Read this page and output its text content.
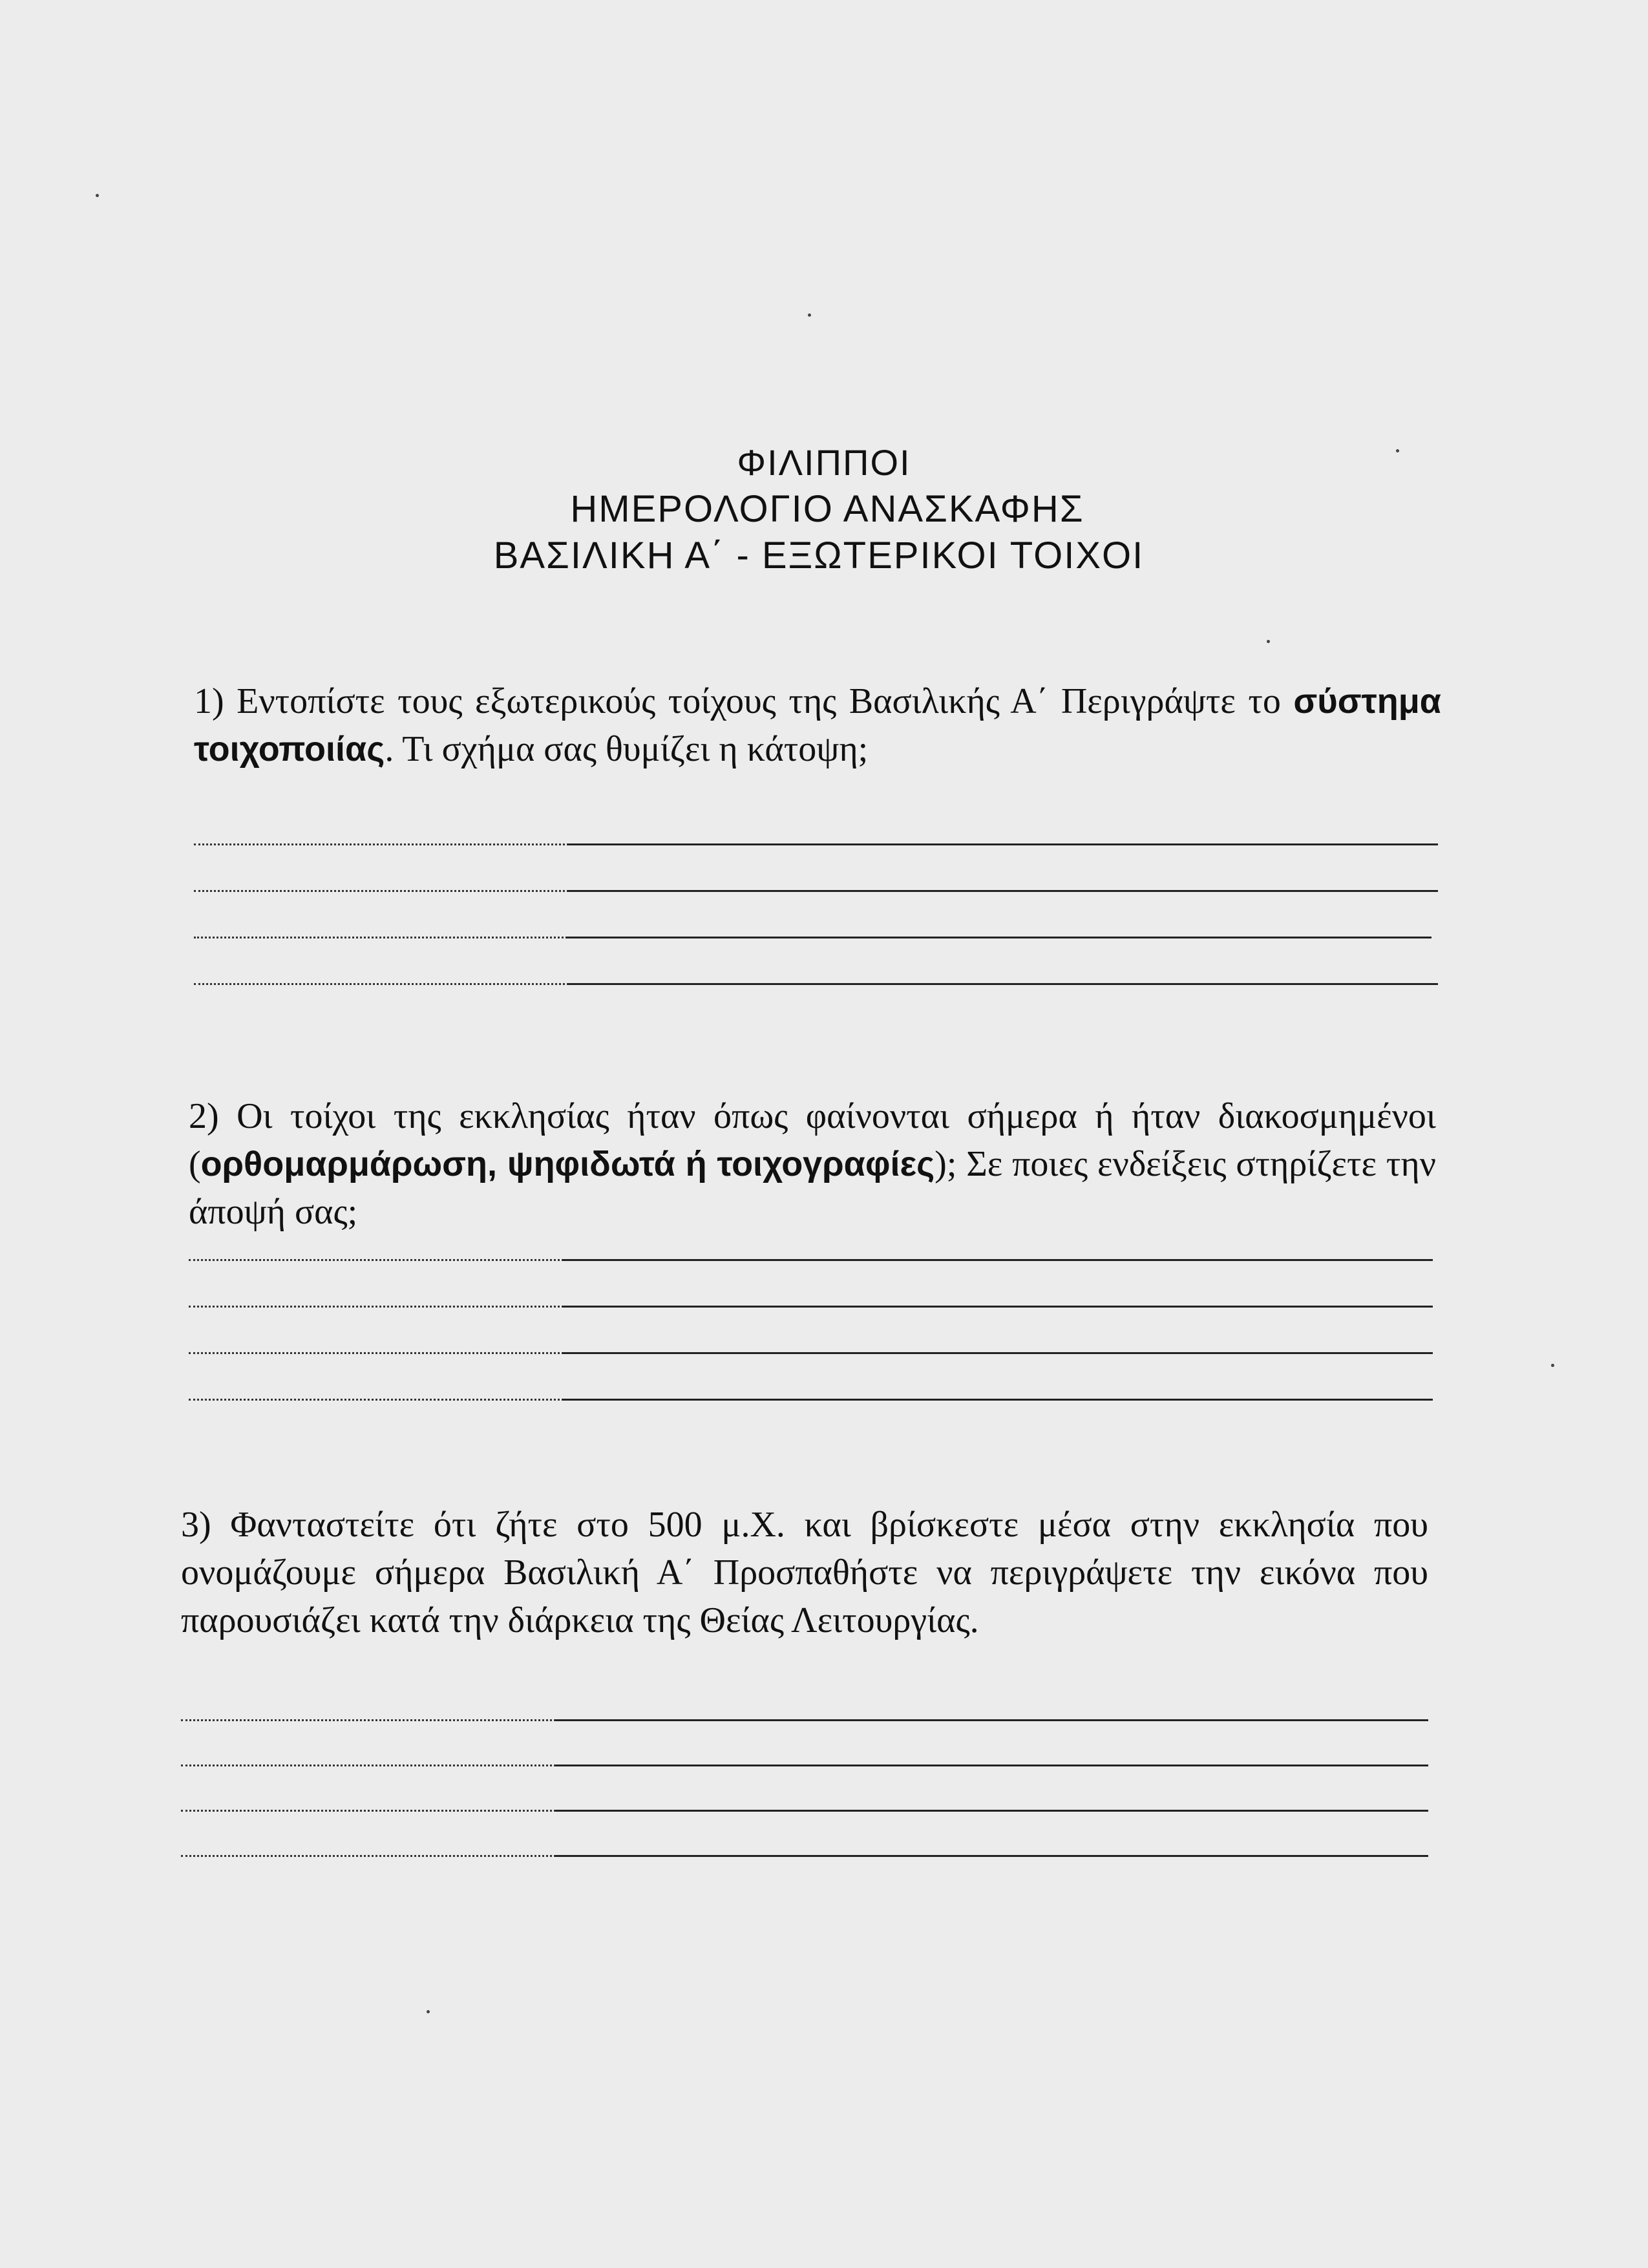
ΦΙΛΙΠΠΟΙ
ΗΜΕΡΟΛΟΓΙΟ ΑΝΑΣΚΑΦΗΣ
ΒΑΣΙΛΙΚΗ Α΄ - ΕΞΩΤΕΡΙΚΟΙ ΤΟΙΧΟΙ
1) Εντοπίστε τους εξωτερικούς τοίχους της Βασιλικής Α΄ Περιγράψτε το σύστημα τοιχοποιίας. Τι σχήμα σας θυμίζει η κάτοψη;
2) Οι τοίχοι της εκκλησίας ήταν όπως φαίνονται σήμερα ή ήταν διακοσμημένοι (ορθομαρμάρωση, ψηφιδωτά ή τοιχογραφίες); Σε ποιες ενδείξεις στηρίζετε την άποψή σας;
3) Φανταστείτε ότι ζήτε στο 500 μ.Χ. και βρίσκεστε μέσα στην εκκλησία που ονομάζουμε σήμερα Βασιλική Α΄ Προσπαθήστε να περιγράψετε την εικόνα που παρουσιάζει κατά την διάρκεια της Θείας Λειτουργίας.
